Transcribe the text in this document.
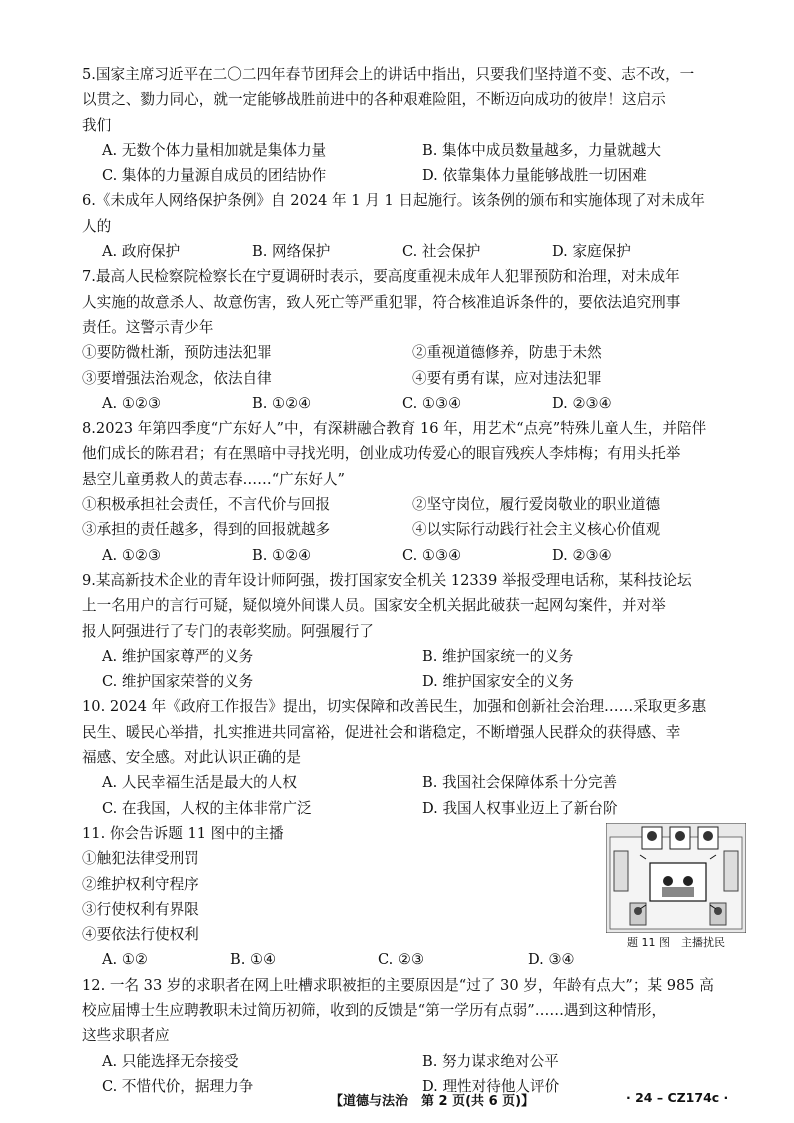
5.国家主席习近平在二〇二四年春节团拜会上的讲话中指出，只要我们坚持道不变、志不改，一
以贯之、勠力同心，就一定能够战胜前进中的各种艰难险阻，不断迈向成功的彼岸！这启示
我们
A. 无数个体力量相加就是集体力量	B. 集体中成员数量越多，力量就越大
C. 集体的力量源自成员的团结协作	D. 依靠集体力量能够战胜一切困难
6.《未成年人网络保护条例》自 2024 年 1 月 1 日起施行。该条例的颁布和实施体现了对未成年
人的
A. 政府保护	B. 网络保护	C. 社会保护	D. 家庭保护
7.最高人民检察院检察长在宁夏调研时表示，要高度重视未成年人犯罪预防和治理，对未成年
人实施的故意杀人、故意伤害，致人死亡等严重犯罪，符合核准追诉条件的，要依法追究刑事
责任。这警示青少年
①要防微杜渐，预防违法犯罪	②重视道德修养，防患于未然
③要增强法治观念，依法自律	④要有勇有谋，应对违法犯罪
A. ①②③	B. ①②④	C. ①③④	D. ②③④
8.2023 年第四季度“广东好人”中，有深耕融合教育 16 年，用艺术“点亮”特殊儿童人生，并陪伴
他们成长的陈君君；有在黑暗中寻找光明，创业成功传爱心的眼盲残疾人李炜梅；有用头托举
悬空儿童勇救人的黄志春……“广东好人”
①积极承担社会责任，不言代价与回报	②坚守岗位，履行爱岗敬业的职业道德
③承担的责任越多，得到的回报就越多	④以实际行动践行社会主义核心价值观
A. ①②③	B. ①②④	C. ①③④	D. ②③④
9.某高新技术企业的青年设计师阿强，拨打国家安全机关 12339 举报受理电话称，某科技论坛
上一名用户的言行可疑，疑似境外间谍人员。国家安全机关据此破获一起网勾案件，并对举
报人阿强进行了专门的表彰奖励。阿强履行了
A. 维护国家尊严的义务	B. 维护国家统一的义务
C. 维护国家荣誉的义务	D. 维护国家安全的义务
10. 2024 年《政府工作报告》提出，切实保障和改善民生，加强和创新社会治理……采取更多惠
民生、暖民心举措，扎实推进共同富裕，促进社会和谐稳定，不断增强人民群众的获得感、幸
福感、安全感。对此认识正确的是
A. 人民幸福生活是最大的人权	B. 我国社会保障体系十分完善
C. 在我国，人权的主体非常广泛	D. 我国人权事业迈上了新台阶
11. 你会告诉题 11 图中的主播
①触犯法律受刑罚
②维护权利守程序
③行使权利有界限
④要依法行使权利
A. ①②	B. ①④	C. ②③	D. ③④
题 11 图　主播扰民
12. 一名 33 岁的求职者在网上吐槽求职被拒的主要原因是“过了 30 岁，年龄有点大”；某 985 高
校应届博士生应聘教职未过简历初筛，收到的反馈是“第一学历有点弱”……遇到这种情形，
这些求职者应
A. 只能选择无奈接受	B. 努力谋求绝对公平
C. 不惜代价，据理力争	D. 理性对待他人评价
【道德与法治　第 2 页(共 6 页)】	· 24 – CZ174c ·
